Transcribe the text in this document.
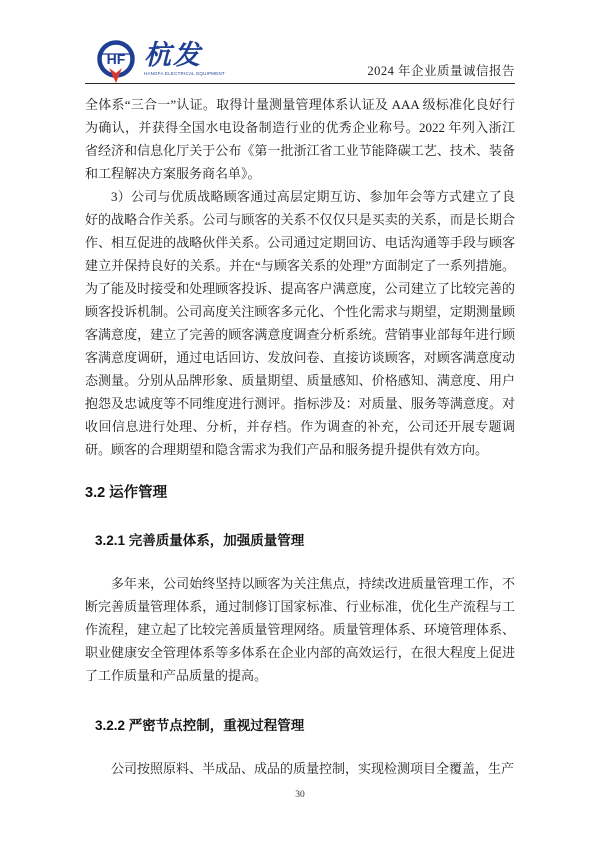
HF 杭发
HANGFA ELECTRICAL EQUIPMENT	2024 年企业质量诚信报告

全体系“三合一”认证。取得计量测量管理体系认证及 AAA 级标准化良好行为确认，并获得全国水电设备制造行业的优秀企业称号。2022 年列入浙江省经济和信息化厅关于公布《第一批浙江省工业节能降碳工艺、技术、装备和工程解决方案服务商名单》。

3）公司与优质战略顾客通过高层定期互访、参加年会等方式建立了良好的战略合作关系。公司与顾客的关系不仅仅只是买卖的关系，而是长期合作、相互促进的战略伙伴关系。公司通过定期回访、电话沟通等手段与顾客建立并保持良好的关系。并在“与顾客关系的处理”方面制定了一系列措施。为了能及时接受和处理顾客投诉、提高客户满意度，公司建立了比较完善的顾客投诉机制。公司高度关注顾客多元化、个性化需求与期望，定期测量顾客满意度，建立了完善的顾客满意度调查分析系统。营销事业部每年进行顾客满意度调研，通过电话回访、发放问卷、直接访谈顾客，对顾客满意度动态测量。分别从品牌形象、质量期望、质量感知、价格感知、满意度、用户抱怨及忠诚度等不同维度进行测评。指标涉及：对质量、服务等满意度。对收回信息进行处理、分析，并存档。作为调查的补充，公司还开展专题调研。顾客的合理期望和隐含需求为我们产品和服务提升提供有效方向。

3.2 运作管理
3.2.1 完善质量体系，加强质量管理

多年来，公司始终坚持以顾客为关注焦点，持续改进质量管理工作，不断完善质量管理体系，通过制修订国家标准、行业标准，优化生产流程与工作流程，建立起了比较完善质量管理网络。质量管理体系、环境管理体系、职业健康安全管理体系等多体系在企业内部的高效运行，在很大程度上促进了工作质量和产品质量的提高。

3.2.2 严密节点控制，重视过程管理

公司按照原料、半成品、成品的质量控制，实现检测项目全覆盖，生产

30
